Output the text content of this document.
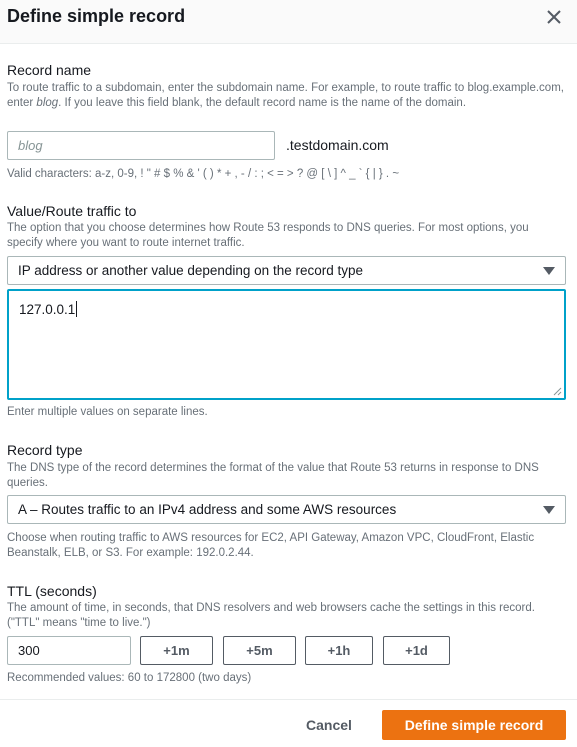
Define simple record
Record name
To route traffic to a subdomain, enter the subdomain name. For example, to route traffic to blog.example.com, enter blog. If you leave this field blank, the default record name is the name of the domain.
blog
.testdomain.com
Valid characters: a-z, 0-9, ! " # $ % & ' ( ) * + , - / : ; < = > ? @ [ \ ] ^ _ ` { | } . ~
Value/Route traffic to
The option that you choose determines how Route 53 responds to DNS queries. For most options, you specify where you want to route internet traffic.
IP address or another value depending on the record type
127.0.0.1
Enter multiple values on separate lines.
Record type
The DNS type of the record determines the format of the value that Route 53 returns in response to DNS queries.
A – Routes traffic to an IPv4 address and some AWS resources
Choose when routing traffic to AWS resources for EC2, API Gateway, Amazon VPC, CloudFront, Elastic Beanstalk, ELB, or S3. For example: 192.0.2.44.
TTL (seconds)
The amount of time, in seconds, that DNS resolvers and web browsers cache the settings in this record. ("TTL" means "time to live.")
300
+1m	+5m	+1h	+1d
Recommended values: 60 to 172800 (two days)
Cancel	Define simple record
